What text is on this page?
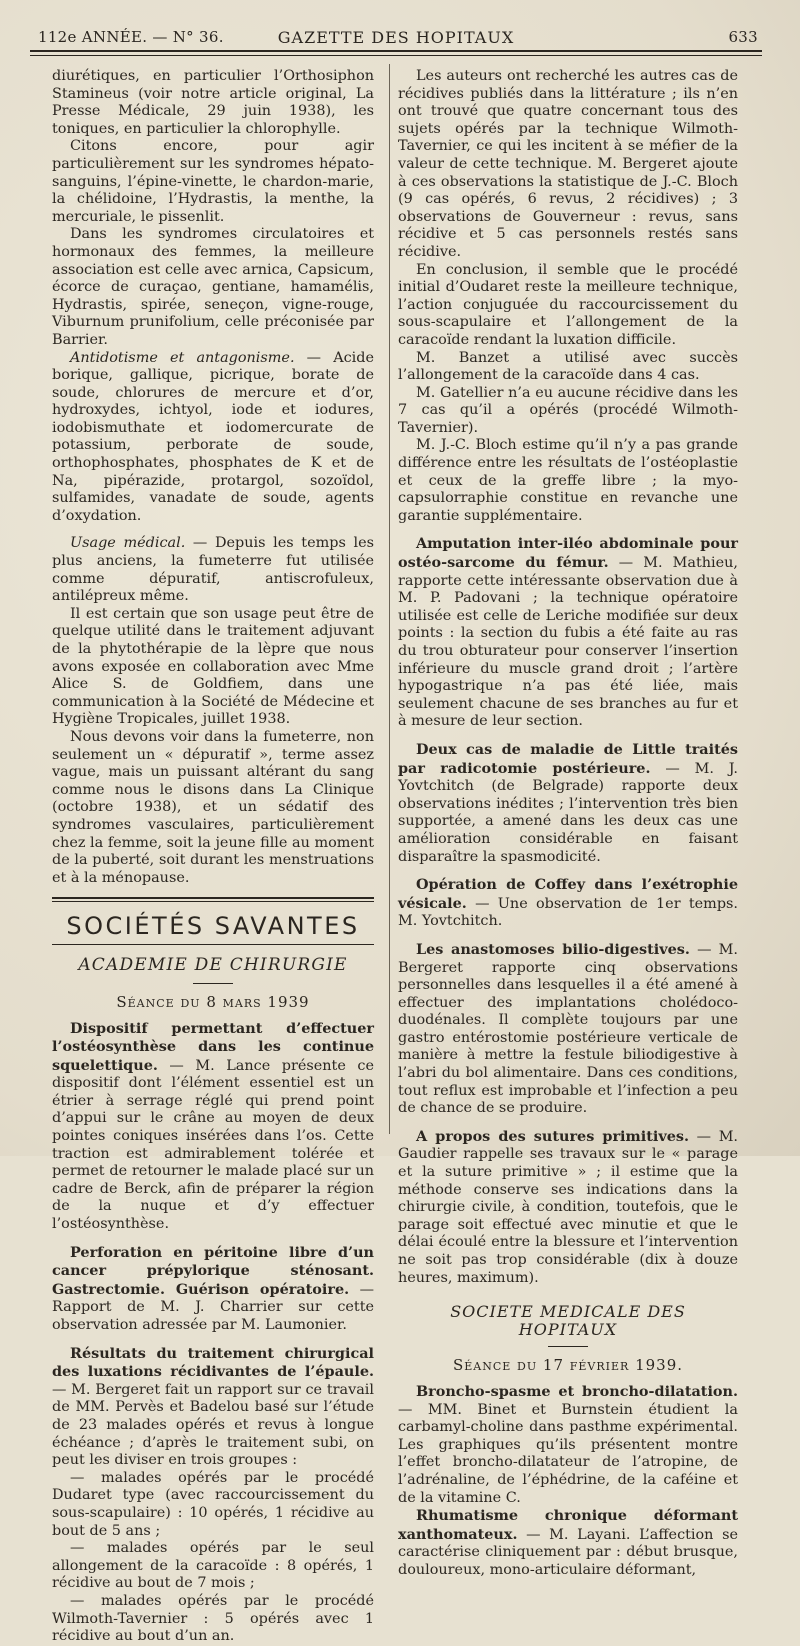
112e ANNÉE. — N° 36.	GAZETTE DES HOPITAUX	633

diurétiques, en particulier l’Orthosiphon Stamineus (voir notre article original, La Presse Médicale, 29 juin 1938), les toniques, en particulier la chlorophylle.

Citons encore, pour agir particulièrement sur les syndromes hépato-sanguins, l’épine-vinette, le chardon-marie, la chélidoine, l’Hydrastis, la menthe, la mercuriale, le pissenlit.

Dans les syndromes circulatoires et hormonaux des femmes, la meilleure association est celle avec arnica, Capsicum, écorce de curaçao, gentiane, hamamélis, Hydrastis, spirée, seneçon, vigne-rouge, Viburnum prunifolium, celle préconisée par Barrier.

Antidotisme et antagonisme. — Acide borique, gallique, picrique, borate de soude, chlorures de mercure et d’or, hydroxydes, ichtyol, iode et iodures, iodobismuthate et iodomercurate de potassium, perborate de soude, orthophosphates, phosphates de K et de Na, pipérazide, protargol, sozoïdol, sulfamides, vanadate de soude, agents d’oxydation.

Usage médical. — Depuis les temps les plus anciens, la fumeterre fut utilisée comme dépuratif, antiscrofuleux, antilépreux même.

Il est certain que son usage peut être de quelque utilité dans le traitement adjuvant de la phytothérapie de la lèpre que nous avons exposée en collaboration avec Mme Alice S. de Goldfiem, dans une communication à la Société de Médecine et Hygiène Tropicales, juillet 1938.

Nous devons voir dans la fumeterre, non seulement un « dépuratif », terme assez vague, mais un puissant altérant du sang comme nous le disons dans La Clinique (octobre 1938), et un sédatif des syndromes vasculaires, particulièrement chez la femme, soit la jeune fille au moment de la puberté, soit durant les menstruations et à la ménopause.

SOCIÉTÉS SAVANTES
ACADEMIE DE CHIRURGIE
Séance du 8 mars 1939

Dispositif permettant d’effectuer l’ostéosynthèse dans les continue squelettique. — M. Lance présente ce dispositif dont l’élément essentiel est un étrier à serrage réglé qui prend point d’appui sur le crâne au moyen de deux pointes coniques insérées dans l’os. Cette traction est admirablement tolérée et permet de retourner le malade placé sur un cadre de Berck, afin de préparer la région de la nuque et d’y effectuer l’ostéosynthèse.

Perforation en péritoine libre d’un cancer prépylorique sténosant. Gastrectomie. Guérison opératoire. — Rapport de M. J. Charrier sur cette observation adressée par M. Laumonier.

Résultats du traitement chirurgical des luxations récidivantes de l’épaule. — M. Bergeret fait un rapport sur ce travail de MM. Pervès et Badelou basé sur l’étude de 23 malades opérés et revus à longue échéance ; d’après le traitement subi, on peut les diviser en trois groupes :

— malades opérés par le procédé Dudaret type (avec raccourcissement du sous-scapulaire) : 10 opérés, 1 récidive au bout de 5 ans ;

— malades opérés par le seul allongement de la caracoïde : 8 opérés, 1 récidive au bout de 7 mois ;

— malades opérés par le procédé Wilmoth-Tavernier : 5 opérés avec 1 récidive au bout d’un an.

Les auteurs ont recherché les autres cas de récidives publiés dans la littérature ; ils n’en ont trouvé que quatre concernant tous des sujets opérés par la technique Wilmoth-Tavernier, ce qui les incitent à se méfier de la valeur de cette technique. M. Bergeret ajoute à ces observations la statistique de J.-C. Bloch (9 cas opérés, 6 revus, 2 récidives) ; 3 observations de Gouverneur : revus, sans récidive et 5 cas personnels restés sans récidive.

En conclusion, il semble que le procédé initial d’Oudaret reste la meilleure technique, l’action conjuguée du raccourcissement du sous-scapulaire et l’allongement de la caracoïde rendant la luxation difficile.

M. Banzet a utilisé avec succès l’allongement de la caracoïde dans 4 cas.

M. Gatellier n’a eu aucune récidive dans les 7 cas qu’il a opérés (procédé Wilmoth-Tavernier).

M. J.-C. Bloch estime qu’il n’y a pas grande différence entre les résultats de l’ostéoplastie et ceux de la greffe libre ; la myo-capsulorraphie constitue en revanche une garantie supplémentaire.

Amputation inter-iléo abdominale pour ostéo-sarcome du fémur. — M. Mathieu, rapporte cette intéressante observation due à M. P. Padovani ; la technique opératoire utilisée est celle de Leriche modifiée sur deux points : la section du fubis a été faite au ras du trou obturateur pour conserver l’insertion inférieure du muscle grand droit ; l’artère hypogastrique n’a pas été liée, mais seulement chacune de ses branches au fur et à mesure de leur section.

Deux cas de maladie de Little traités par radicotomie postérieure. — M. J. Yovtchitch (de Belgrade) rapporte deux observations inédites ; l’intervention très bien supportée, a amené dans les deux cas une amélioration considérable en faisant disparaître la spasmodicité.

Opération de Coffey dans l’exétrophie vésicale. — Une observation de 1er temps. M. Yovtchitch.

Les anastomoses bilio-digestives. — M. Bergeret rapporte cinq observations personnelles dans lesquelles il a été amené à effectuer des implantations cholédoco-duodénales. Il complète toujours par une gastro entérostomie postérieure verticale de manière à mettre la festule biliodigestive à l’abri du bol alimentaire. Dans ces conditions, tout reflux est improbable et l’infection a peu de chance de se produire.

A propos des sutures primitives. — M. Gaudier rappelle ses travaux sur le « parage et la suture primitive » ; il estime que la méthode conserve ses indications dans la chirurgie civile, à condition, toutefois, que le parage soit effectué avec minutie et que le délai écoulé entre la blessure et l’intervention ne soit pas trop considérable (dix à douze heures, maximum).

SOCIETE MEDICALE DES HOPITAUX
Séance du 17 février 1939.

Broncho-spasme et broncho-dilatation. — MM. Binet et Burnstein étudient la carbamyl-choline dans pasthme expérimental. Les graphiques qu’ils présentent montre l’effet broncho-dilatateur de l’atropine, de l’adrénaline, de l’éphédrine, de la caféine et de la vitamine C.

Rhumatisme chronique déformant xanthomateux. — M. Layani. L’affection se caractérise cliniquement par : début brusque, douloureux, mono-articulaire déformant,
